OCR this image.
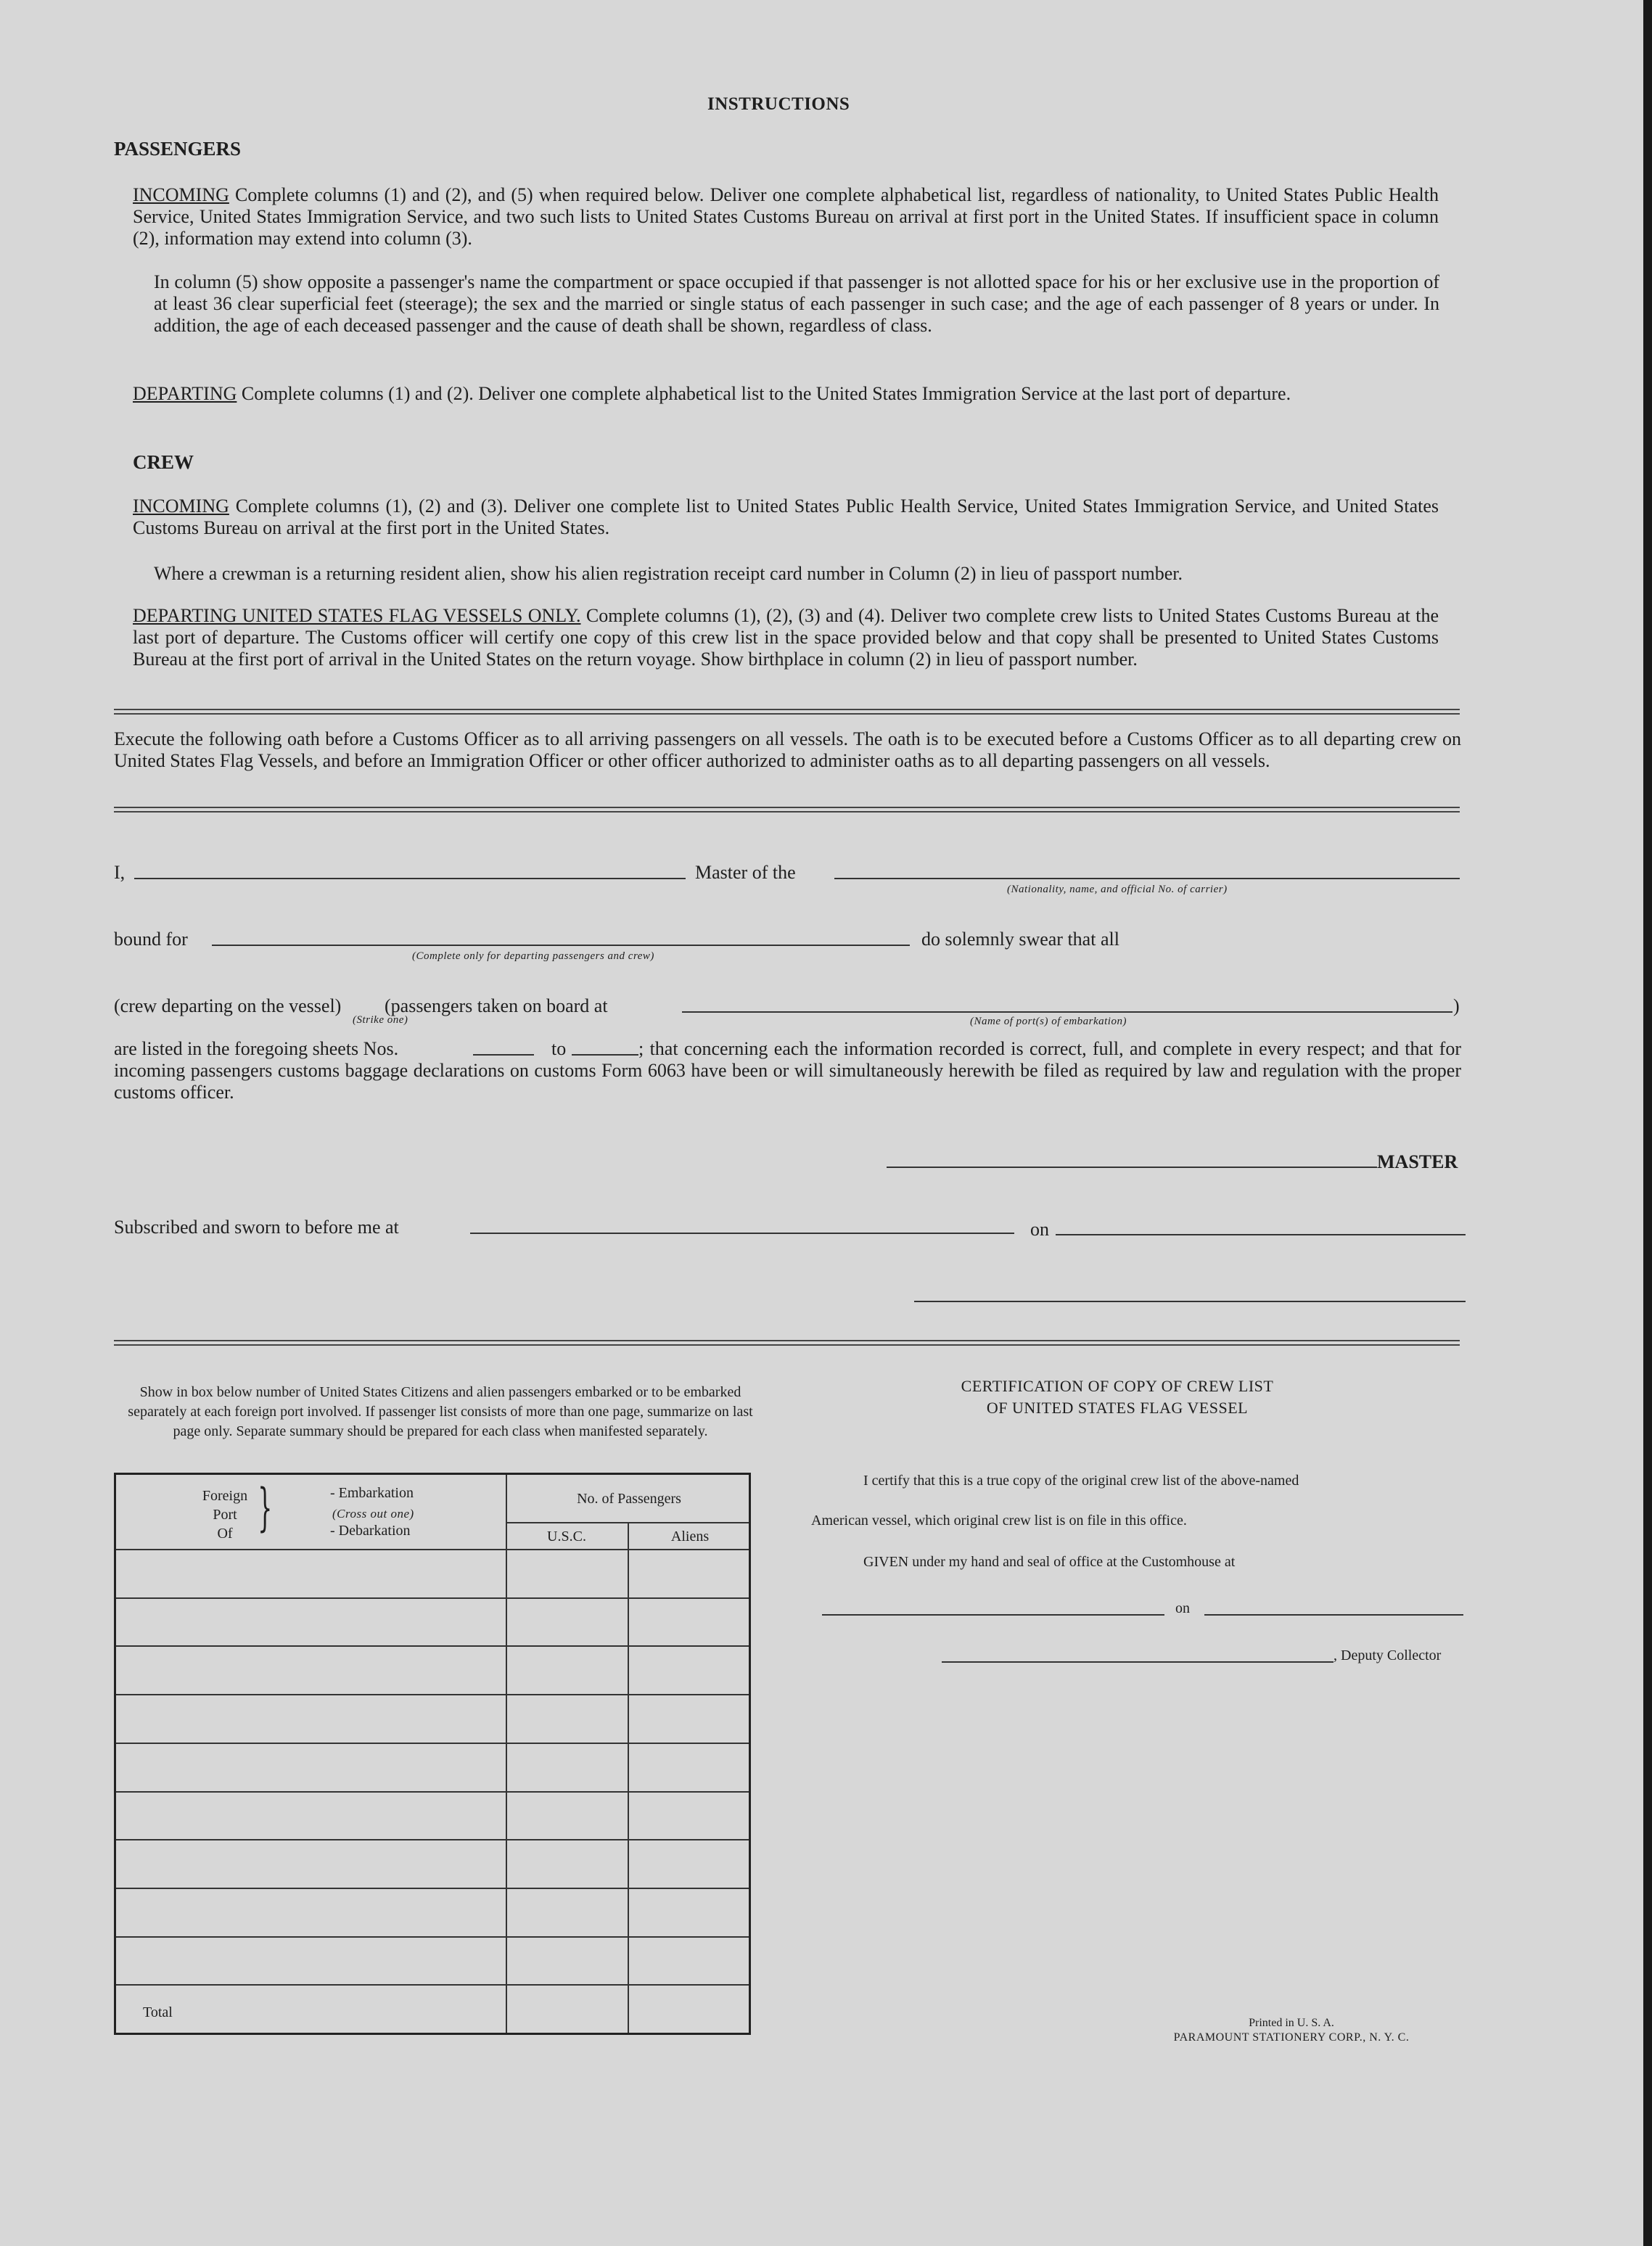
INSTRUCTIONS
PASSENGERS
INCOMING Complete columns (1) and (2), and (5) when required below. Deliver one complete alphabetical list, regardless of nationality, to United States Public Health Service, United States Immigration Service, and two such lists to United States Customs Bureau on arrival at first port in the United States. If insufficient space in column (2), information may extend into column (3).
In column (5) show opposite a passenger's name the compartment or space occupied if that passenger is not allotted space for his or her exclusive use in the proportion of at least 36 clear superficial feet (steerage); the sex and the married or single status of each passenger in such case; and the age of each passenger of 8 years or under. In addition, the age of each deceased passenger and the cause of death shall be shown, regardless of class.
DEPARTING Complete columns (1) and (2). Deliver one complete alphabetical list to the United States Immigration Service at the last port of departure.
CREW
INCOMING Complete columns (1), (2) and (3). Deliver one complete list to United States Public Health Service, United States Immigration Service, and United States Customs Bureau on arrival at the first port in the United States.
Where a crewman is a returning resident alien, show his alien registration receipt card number in Column (2) in lieu of passport number.
DEPARTING UNITED STATES FLAG VESSELS ONLY. Complete columns (1), (2), (3) and (4). Deliver two complete crew lists to United States Customs Bureau at the last port of departure. The Customs officer will certify one copy of this crew list in the space provided below and that copy shall be presented to United States Customs Bureau at the first port of arrival in the United States on the return voyage. Show birthplace in column (2) in lieu of passport number.
Execute the following oath before a Customs Officer as to all arriving passengers on all vessels. The oath is to be executed before a Customs Officer as to all departing crew on United States Flag Vessels, and before an Immigration Officer or other officer authorized to administer oaths as to all departing passengers on all vessels.
I,	Master of the
(Nationality, name, and official No. of carrier)
bound for
(Complete only for departing passengers and crew)
do solemnly swear that all
(crew departing on the vessel) (passengers taken on board at	)
(Strike one)	(Name of port(s) of embarkation)
are listed in the foregoing sheets Nos.	to	; that concerning each the information recorded is correct, full, and complete in every respect; and that for incoming passengers customs baggage declarations on customs Form 6063 have been or will simultaneously herewith be filed as required by law and regulation with the proper customs officer.
MASTER
Subscribed and sworn to before me at	on
Show in box below number of United States Citizens and alien passengers embarked or to be embarked separately at each foreign port involved. If passenger list consists of more than one page, summarize on last page only. Separate summary should be prepared for each class when manifested separately.
Foreign
Port
Of }	- Embarkation
(Cross out one)
- Debarkation
No. of Passengers
U.S.C.	Aliens
Total
CERTIFICATION OF COPY OF CREW LIST
OF UNITED STATES FLAG VESSEL
I certify that this is a true copy of the original crew list of the above-named
American vessel, which original crew list is on file in this office.
GIVEN under my hand and seal of office at the Customhouse at
on
, Deputy Collector
Printed in U. S. A.
PARAMOUNT STATIONERY CORP., N. Y. C.
